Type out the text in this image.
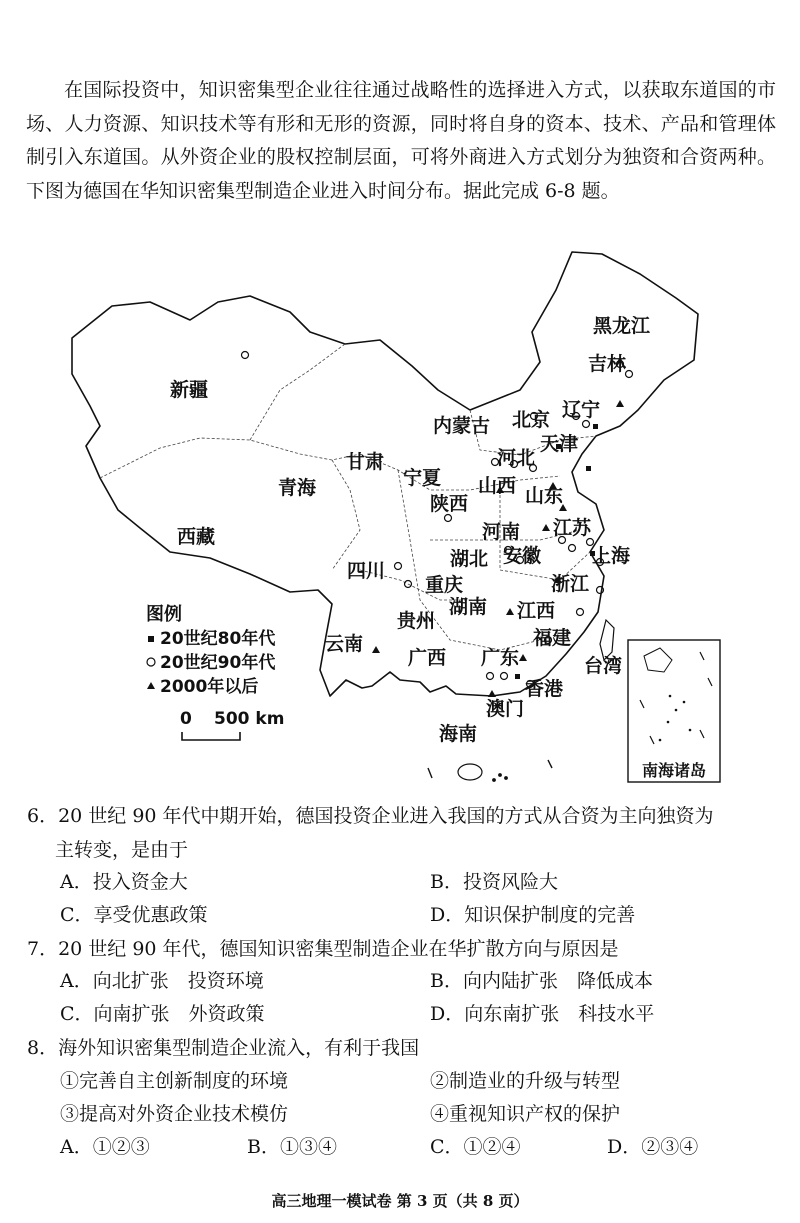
在国际投资中，知识密集型企业往往通过战略性的选择进入方式，以获取东道国的市场、人力资源、知识技术等有形和无形的资源，同时将自身的资本、技术、产品和管理体制引入东道国。从外资企业的股权控制层面，可将外商进入方式划分为独资和合资两种。下图为德国在华知识密集型制造企业进入时间分布。据此完成 6-8 题。

南海诸岛
新疆
西藏
青海
甘肃
内蒙古
黑龙江
吉林
辽宁
北京
天津
河北
山西 山东
宁夏
陕西
河南 江苏
安徽	上海
湖北
四川
重庆	浙江
湖南 江西
贵州
云南	福建
广西 广东	台湾
香港
澳门
海南
图例
20世纪80年代
20世纪90年代
2000年以后
0 500 km
6．20 世纪 90 年代中期开始，德国投资企业进入我国的方式从合资为主向独资为
主转变，是由于
A．投入资金大	B．投资风险大
C．享受优惠政策	D．知识保护制度的完善
7．20 世纪 90 年代，德国知识密集型制造企业在华扩散方向与原因是
A．向北扩张　投资环境	B．向内陆扩张　降低成本
C．向南扩张　外资政策	D．向东南扩张　科技水平
8．海外知识密集型制造企业流入，有利于我国
①完善自主创新制度的环境	②制造业的升级与转型
③提高对外资企业技术模仿	④重视知识产权的保护
A．①②③	B．①③④	C．①②④	D．②③④
高三地理一模试卷 第 3 页（共 8 页）
